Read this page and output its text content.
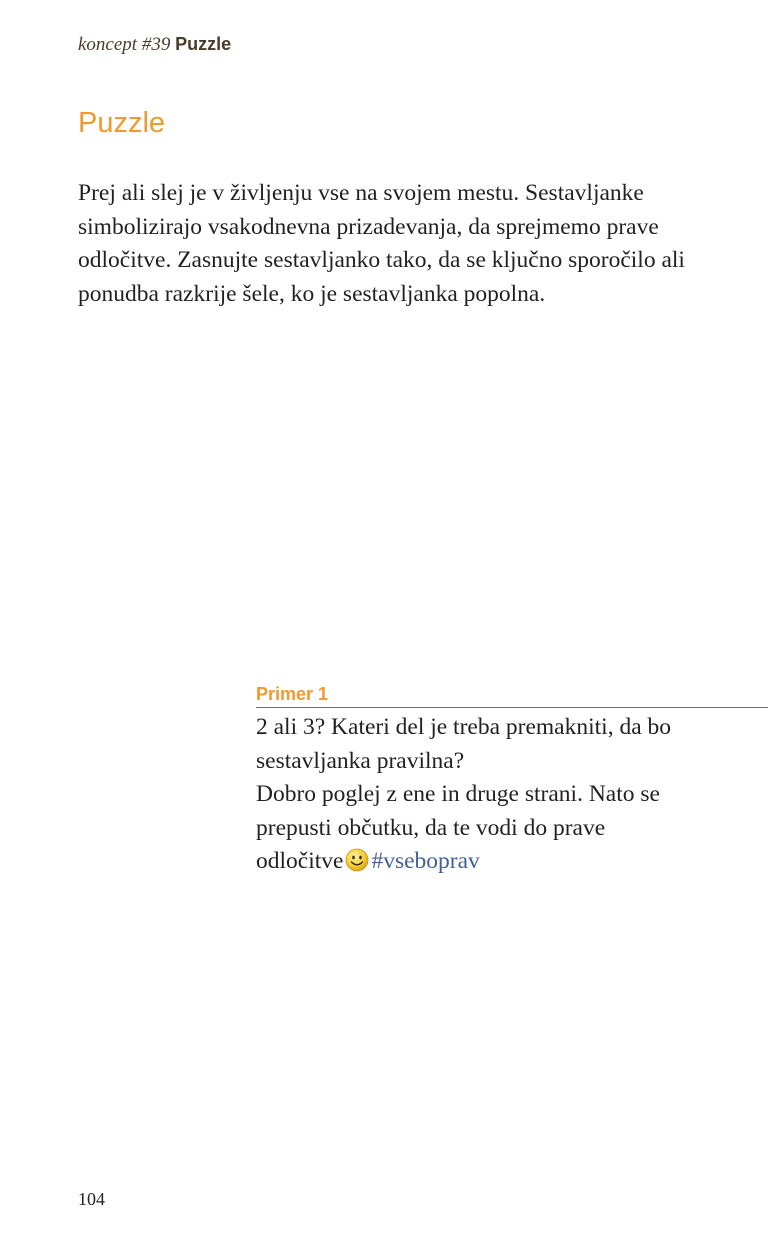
koncept #39 Puzzle
Puzzle

Prej ali slej je v življenju vse na svojem mestu. Sestavljanke simbolizirajo vsakodnevna prizadevanja, da sprejmemo prave odločitve. Zasnujte sestavljanko tako, da se ključno sporočilo ali ponudba razkrije šele, ko je sestavljanka popolna.

Primer 1

2 ali 3? Kateri del je treba premakniti, da bo sestavljanka pravilna?
Dobro poglej z ene in druge strani. Nato se prepusti občutku, da te vodi do prave odločitve #vseboprav

104
